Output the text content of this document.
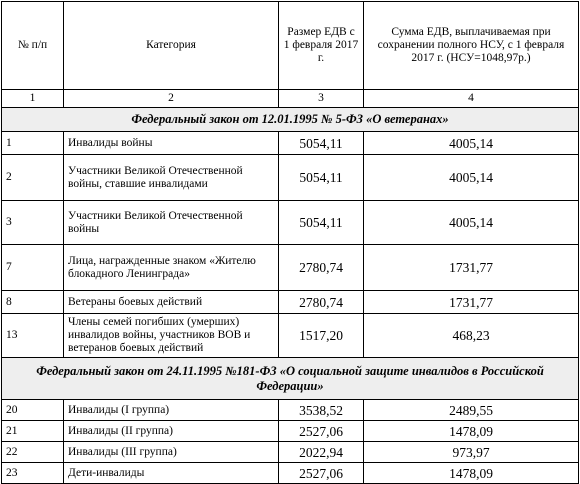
№ п/п	Категория	Размер ЕДВ с 1 февраля 2017 г.	Сумма ЕДВ, выплачиваемая при сохранении полного НСУ, с 1 февраля 2017 г. (НСУ=1048,97р.)
1	2	3	4
Федеральный закон от 12.01.1995 № 5-ФЗ «О ветеранах»			
1	Инвалиды войны	5054,11	4005,14
2	Участники Великой Отечественной войны, ставшие инвалидами	5054,11	4005,14
3	Участники Великой Отечественной войны	5054,11	4005,14
7	Лица, награжденные знаком «Жителю блокадного Ленинграда»	2780,74	1731,77
8	Ветераны боевых действий	2780,74	1731,77
13	Члены семей погибших (умерших) инвалидов войны, участников ВОВ и ветеранов боевых действий	1517,20	468,23
Федеральный закон от 24.11.1995 №181-ФЗ «О социальной защите инвалидов в Российской Федерации»			
20	Инвалиды (I группа)	3538,52	2489,55
21	Инвалиды (II группа)	2527,06	1478,09
22	Инвалиды (III группа)	2022,94	973,97
23	Дети-инвалиды	2527,06	1478,09
